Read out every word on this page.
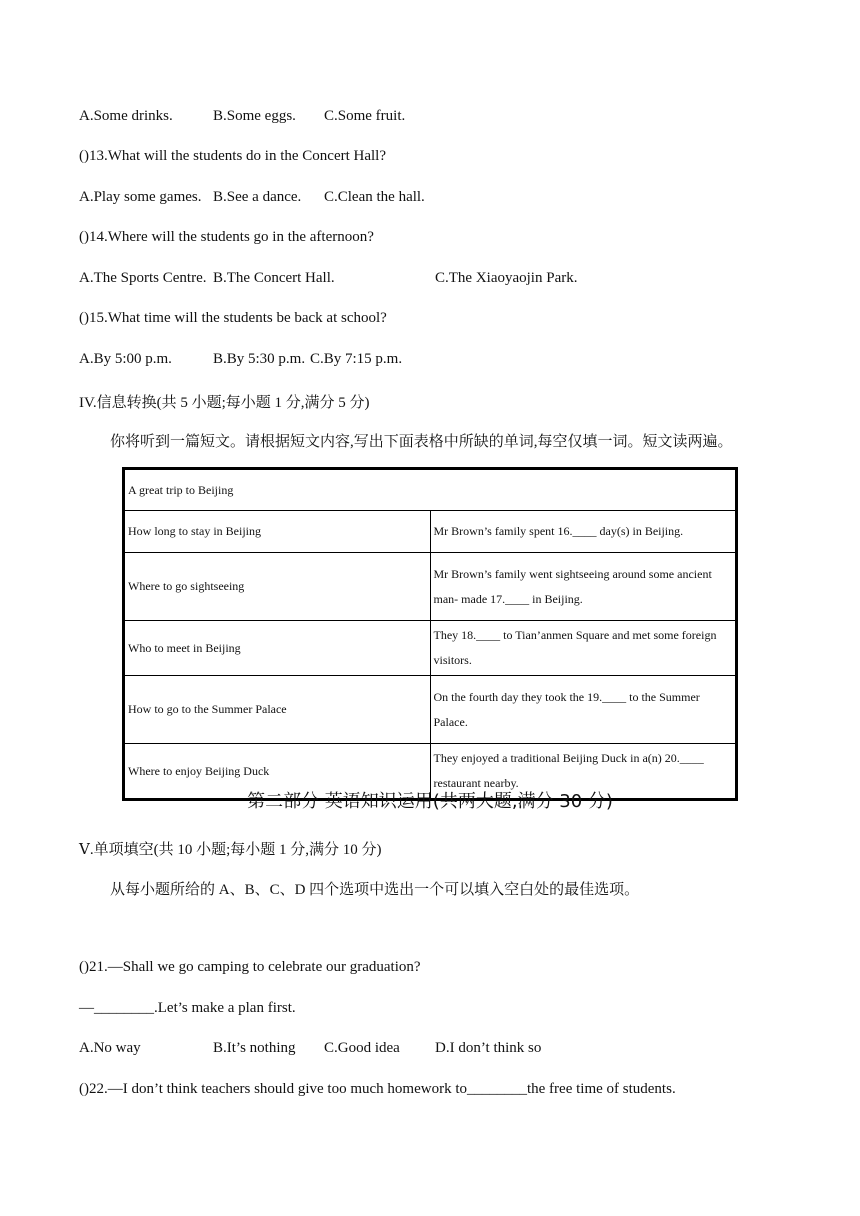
A.Some drinks.	B.Some eggs. C.Some fruit.
()13.What will the students do in the Concert Hall?
A.Play some games. B.See a dance. C.Clean the hall.
()14.Where will the students go in the afternoon?
A.The Sports Centre. B.The Concert Hall.	C.The Xiaoyaojin Park.
()15.What time will the students be back at school?
A.By 5:00 p.m.	B.By 5:30 p.m. C.By 7:15 p.m.
IV.信息转换(共 5 小题;每小题 1 分,满分 5 分)
你将听到一篇短文。请根据短文内容,写出下面表格中所缺的单词,每空仅填一词。短文读两遍。
A great trip to Beijing	
How long to stay in Beijing	Mr Brown’s family spent 16.____ day(s) in Beijing.
Where to go sightseeing	Mr Brown’s family went sightseeing around some ancient man- made 17.____ in Beijing.
Who to meet in Beijing	They 18.____ to Tian’anmen Square and met some foreign visitors.
How to go to the Summer Palace	On the fourth day they took the 19.____ to the Summer Palace.
Where to enjoy Beijing Duck	They enjoyed a traditional Beijing Duck in a(n) 20.____ restaurant nearby.
第二部分 英语知识运用(共两大题,满分 30 分)
Ⅴ.单项填空(共 10 小题;每小题 1 分,满分 10 分)
从每小题所给的 A、B、C、D 四个选项中选出一个可以填入空白处的最佳选项。
()21.—Shall we go camping to celebrate our graduation?
—________.Let’s make a plan first.
A.No way	B.It’s nothing C.Good idea D.I don’t think so
()22.—I don’t think teachers should give too much homework to________the free time of students.
